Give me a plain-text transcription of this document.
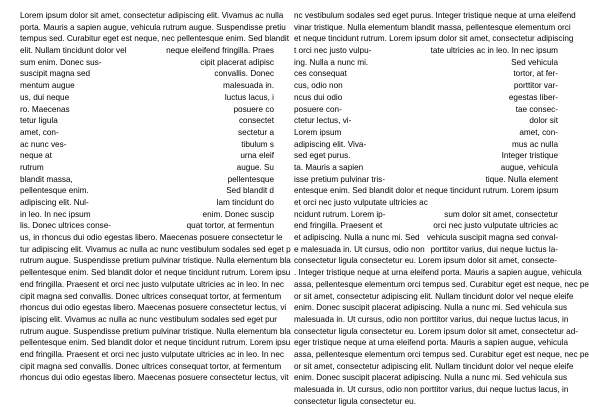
Lorem ipsum dolor sit amet, consectetur adipiscing elit. Vivamus ac nulla
porta. Mauris a sapien augue, vehicula rutrum augue. Suspendisse pretiu
tempus sed. Curabitur eget est neque, nec pellentesque enim. Sed blandit
elit. Nullam tincidunt dolor vel	neque eleifend fringilla. Praes
sum enim. Donec sus-	cipit placerat adipisc
suscipit magna sed	convallis. Donec
mentum augue	malesuada in.
us, dui neque	luctus lacus, i
ro. Maecenas	posuere co
tetur ligula	consectet
amet, con-	sectetur a
ac nunc ves-	tibulum s
neque at	urna eleif
rutrum	augue. Su
blandit massa,	pellentesque
pellentesque enim.	Sed blandit d
adipiscing elit. Nul-	lam tincidunt do
in leo. In nec ipsum	enim. Donec suscip
lis. Donec ultrices conse-	quat tortor, at fermentun
us, in rhoncus dui odio egestas libero. Maecenas posuere consectetur le
tur adipiscing elit. Vivamus ac nulla ac nunc vestibulum sodales sed eget p
rutrum augue. Suspendisse pretium pulvinar tristique. Nulla elementum bla
pellentesque enim. Sed blandit dolor et neque tincidunt rutrum. Lorem ipsu
end fringilla. Praesent et orci nec justo vulputate ultricies ac in leo. In nec
cipit magna sed convallis. Donec ultrices consequat tortor, at fermentum
rhoncus dui odio egestas libero. Maecenas posuere consectetur lectus, vi
ipiscing elit. Vivamus ac nulla ac nunc vestibulum sodales sed eget pur
rutrum augue. Suspendisse pretium pulvinar tristique. Nulla elementum bla
pellentesque enim. Sed blandit dolor et neque tincidunt rutrum. Lorem ipsu
end fringilla. Praesent et orci nec justo vulputate ultricies ac in leo. In nec
cipit magna sed convallis. Donec ultrices consequat tortor, at fermentum
rhoncus dui odio egestas libero. Maecenas posuere consectetur lectus, vit
nc vestibulum sodales sed eget purus. Integer tristique neque at urna eleifend
vinar tristique. Nulla elementum blandit massa, pellentesque elementum orci
et neque tincidunt rutrum. Lorem ipsum dolor sit amet, consectetur adipiscing
t orci nec justo vulpu-	tate ultricies ac in leo. In nec ipsum
ing. Nulla a nunc mi.	Sed vehicula
ces consequat	tortor, at fer-
cus, odio non	porttitor var-
ncus dui odio	egestas liber-
posuere con-	tae consec-
ctetur lectus, vi-	dolor sit
Lorem ipsum	amet, con-
adipiscing elit. Viva-	mus ac nulla
sed eget purus.	Integer tristique
ta. Mauris a sapien	augue, vehicula
isse pretium pulvinar tris-	tique. Nulla element
entesque enim. Sed blandit dolor et neque tincidunt rutrum. Lorem ipsum
et orci nec justo vulputate ultricies ac
ncidunt rutrum. Lorem ip-	sum dolor sit amet, consectetur
end fringilla. Praesent et	orci nec justo vulputate ultricies ac
et adipiscing. Nulla a nunc mi. Sed vehicula suscipit magna sed conval-
e malesuada in. Ut cursus, odio non porttitor varius, dui neque luctus la-
consectetur ligula consectetur eu. Lorem ipsum dolor sit amet, consecte-
. Integer tristique neque at urna eleifend porta. Mauris a sapien augue, vehicula
assa, pellentesque elementum orci tempus sed. Curabitur eget est neque, nec pe
or sit amet, consectetur adipiscing elit. Nullam tincidunt dolor vel neque eleife
enim. Donec suscipit placerat adipiscing. Nulla a nunc mi. Sed vehicula sus
malesuada in. Ut cursus, odio non porttitor varius, dui neque luctus lacus, in
consectetur ligula consectetur eu. Lorem ipsum dolor sit amet, consectetur ad-
eger tristique neque at urna eleifend porta. Mauris a sapien augue, vehicula
assa, pellentesque elementum orci tempus sed. Curabitur eget est neque, nec pe
or sit amet, consectetur adipiscing elit. Nullam tincidunt dolor vel neque eleife
enim. Donec suscipit placerat adipiscing. Nulla a nunc mi. Sed vehicula sus
malesuada in. Ut cursus, odio non porttitor varius, dui neque luctus lacus, in
consectetur ligula consectetur eu.
